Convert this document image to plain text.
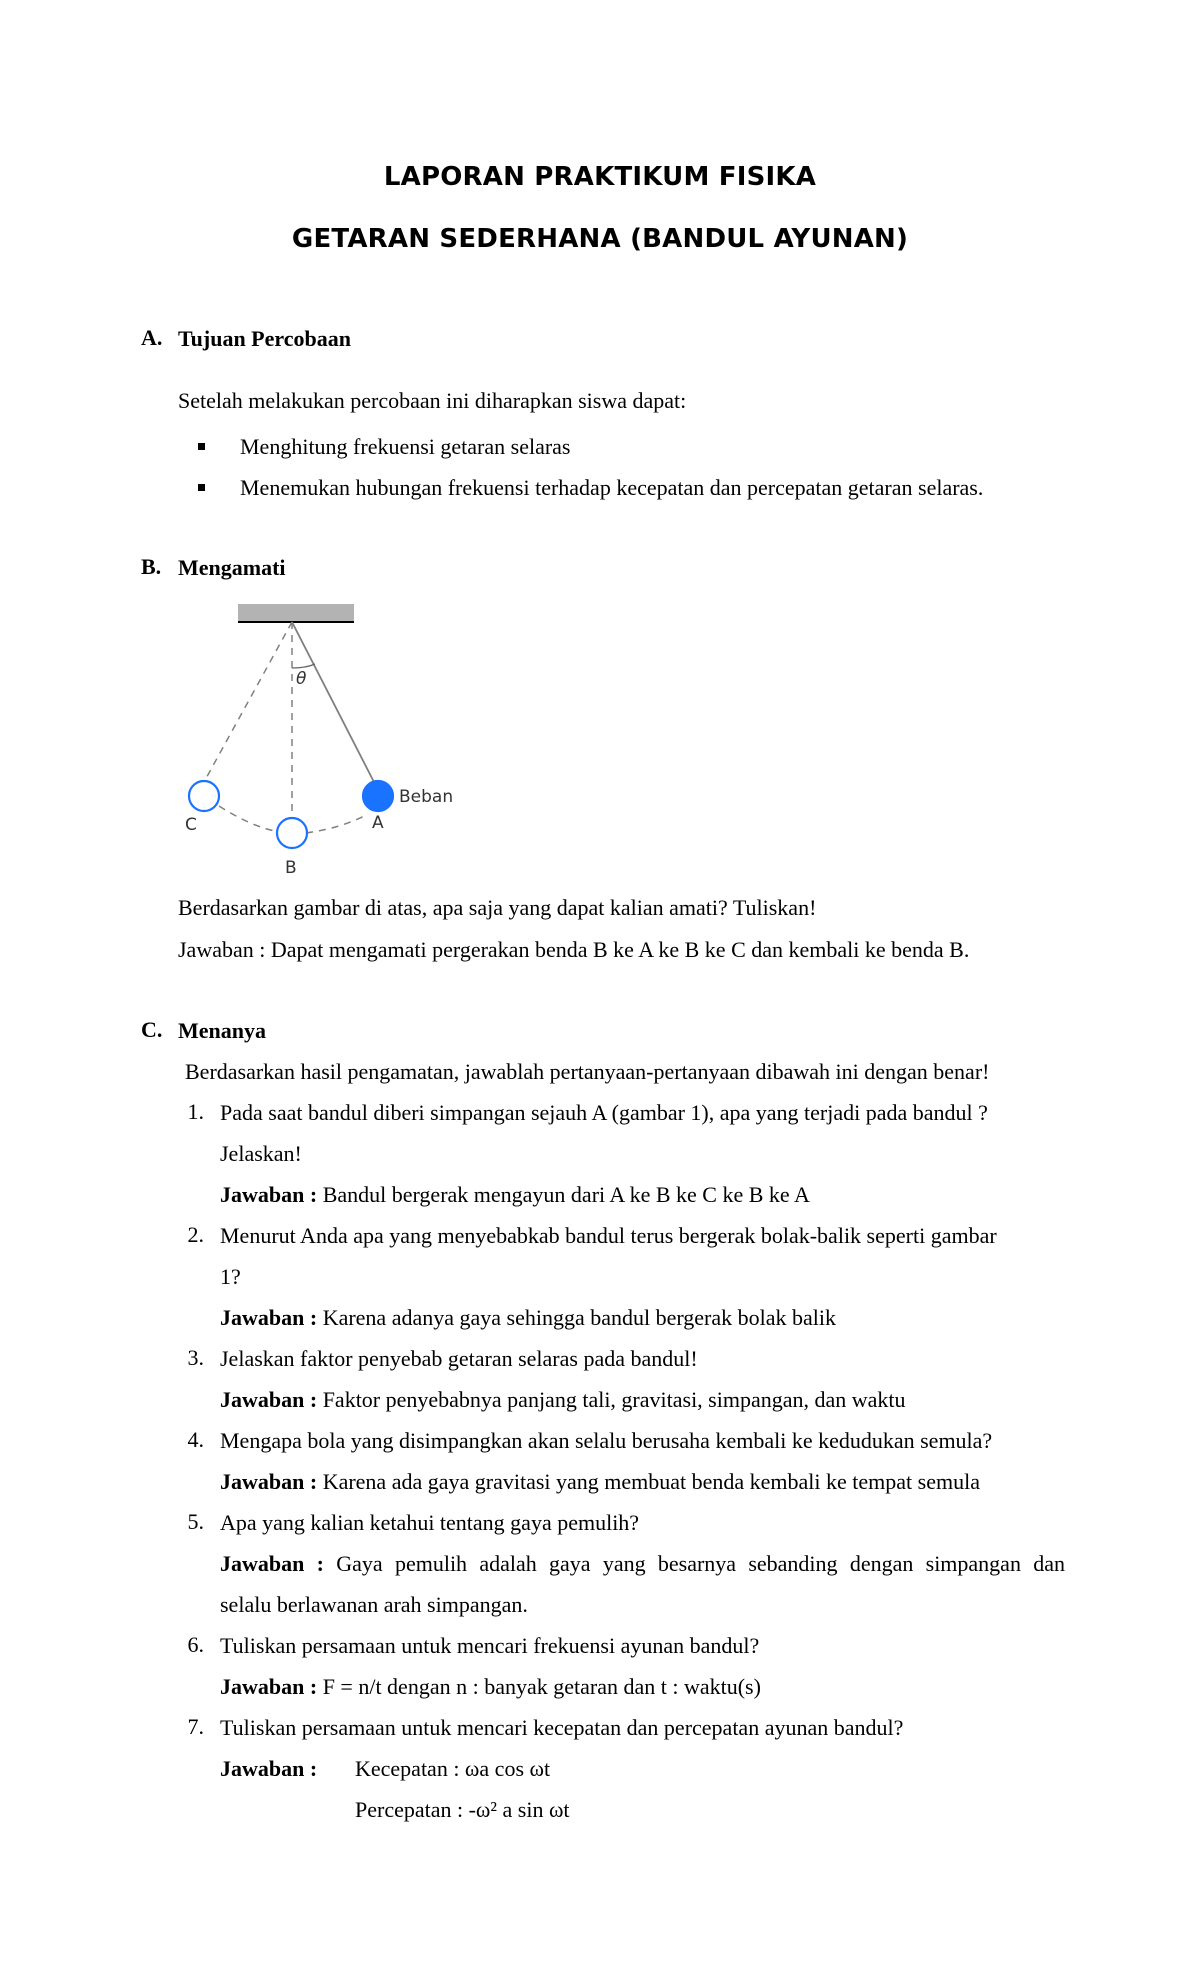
LAPORAN PRAKTIKUM FISIKA
GETARAN SEDERHANA (BANDUL AYUNAN)
A. Tujuan Percobaan
Setelah melakukan percobaan ini diharapkan siswa dapat:
Menghitung frekuensi getaran selaras
Menemukan hubungan frekuensi terhadap kecepatan dan percepatan getaran selaras.
B. Mengamati
θ
Beban
A
C
B
Berdasarkan gambar di atas, apa saja yang dapat kalian amati? Tuliskan!
Jawaban : Dapat mengamati pergerakan benda B ke A ke B ke C dan kembali ke benda B.
C. Menanya
Berdasarkan hasil pengamatan, jawablah pertanyaan-pertanyaan dibawah ini dengan benar!
1. Pada saat bandul diberi simpangan sejauh A (gambar 1), apa yang terjadi pada bandul ?
Jelaskan!
Jawaban : Bandul bergerak mengayun dari A ke B ke C ke B ke A
2. Menurut Anda apa yang menyebabkab bandul terus bergerak bolak-balik seperti gambar
1?
Jawaban : Karena adanya gaya sehingga bandul bergerak bolak balik
3. Jelaskan faktor penyebab getaran selaras pada bandul!
Jawaban : Faktor penyebabnya panjang tali, gravitasi, simpangan, dan waktu
4. Mengapa bola yang disimpangkan akan selalu berusaha kembali ke kedudukan semula?
Jawaban : Karena ada gaya gravitasi yang membuat benda kembali ke tempat semula
5. Apa yang kalian ketahui tentang gaya pemulih?
Jawaban : Gaya pemulih adalah gaya yang besarnya sebanding dengan simpangan dan
selalu berlawanan arah simpangan.
6. Tuliskan persamaan untuk mencari frekuensi ayunan bandul?
Jawaban : F = n/t dengan n : banyak getaran dan t : waktu(s)
7. Tuliskan persamaan untuk mencari kecepatan dan percepatan ayunan bandul?
Jawaban : Kecepatan : ωa cos ωt
Percepatan : -ω² a sin ωt
